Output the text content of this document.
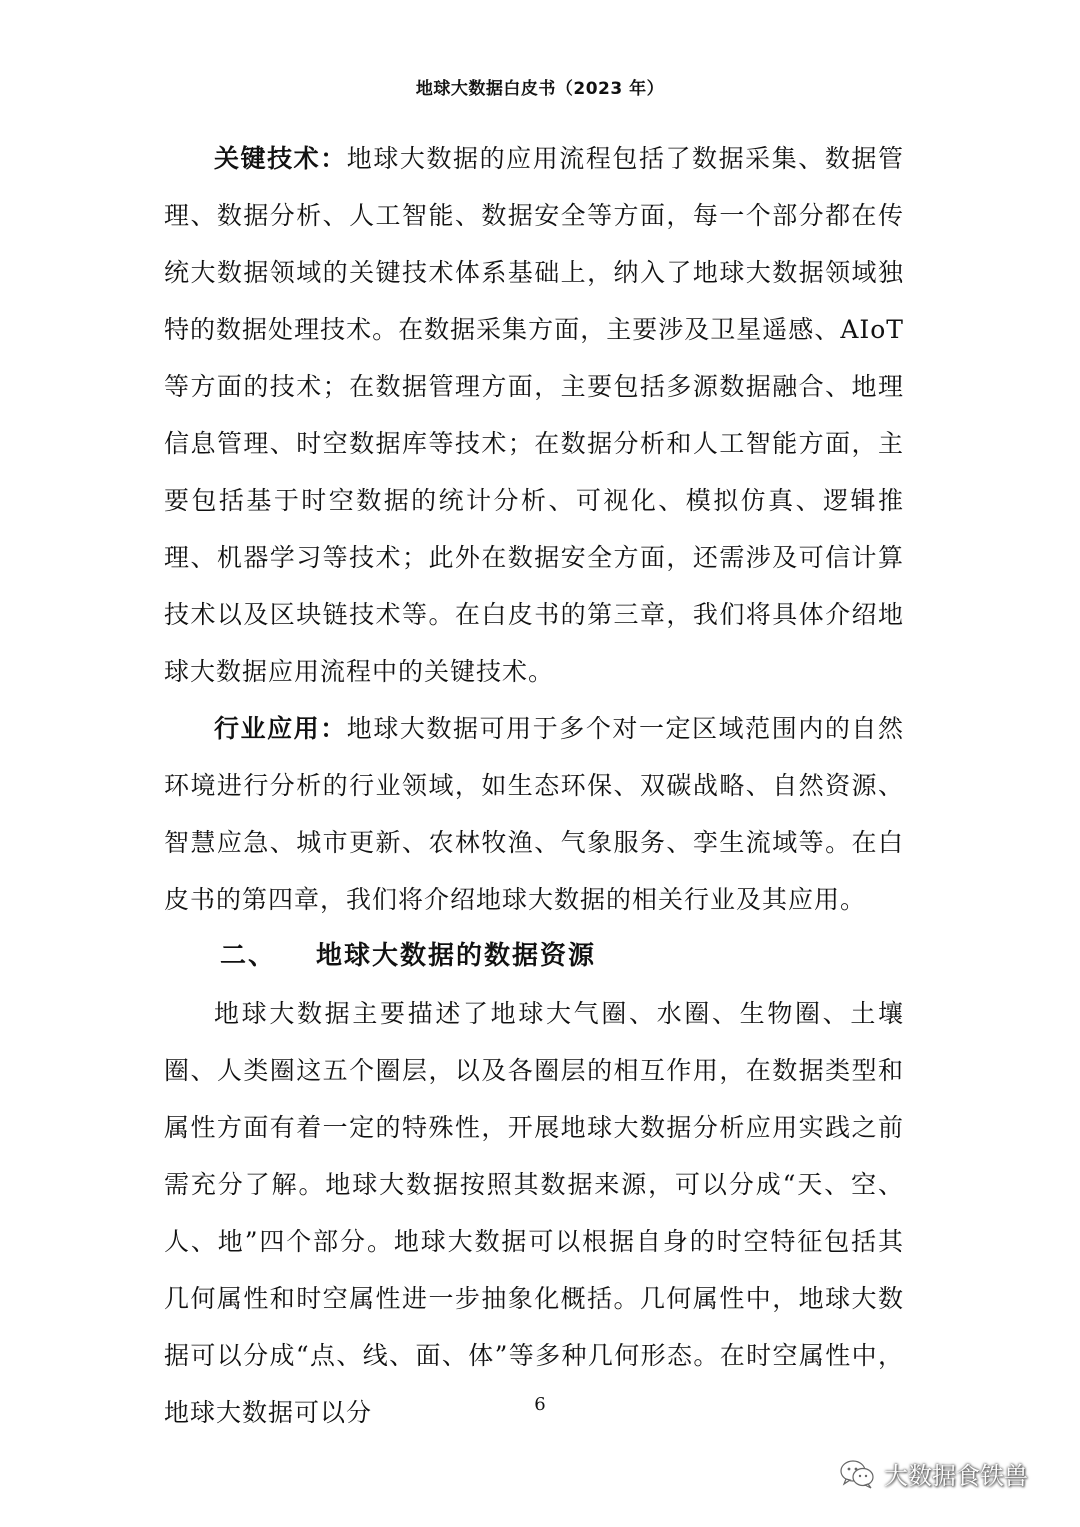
地球大数据白皮书（2023 年）

关键技术：地球大数据的应用流程包括了数据采集、数据管理、数据分析、人工智能、数据安全等方面，每一个部分都在传统大数据领域的关键技术体系基础上，纳入了地球大数据领域独特的数据处理技术。在数据采集方面，主要涉及卫星遥感、AIoT 等方面的技术；在数据管理方面，主要包括多源数据融合、地理信息管理、时空数据库等技术；在数据分析和人工智能方面，主要包括基于时空数据的统计分析、可视化、模拟仿真、逻辑推理、机器学习等技术；此外在数据安全方面，还需涉及可信计算技术以及区块链技术等。在白皮书的第三章，我们将具体介绍地球大数据应用流程中的关键技术。

行业应用：地球大数据可用于多个对一定区域范围内的自然环境进行分析的行业领域，如生态环保、双碳战略、自然资源、智慧应急、城市更新、农林牧渔、气象服务、孪生流域等。在白皮书的第四章，我们将介绍地球大数据的相关行业及其应用。

二、 地球大数据的数据资源

地球大数据主要描述了地球大气圈、水圈、生物圈、土壤圈、人类圈这五个圈层，以及各圈层的相互作用，在数据类型和属性方面有着一定的特殊性，开展地球大数据分析应用实践之前需充分了解。地球大数据按照其数据来源，可以分成“天、空、人、地”四个部分。地球大数据可以根据自身的时空特征包括其几何属性和时空属性进一步抽象化概括。几何属性中，地球大数据可以分成“点、线、面、体”等多种几何形态。在时空属性中，地球大数据可以分	6
大数据食铁兽
